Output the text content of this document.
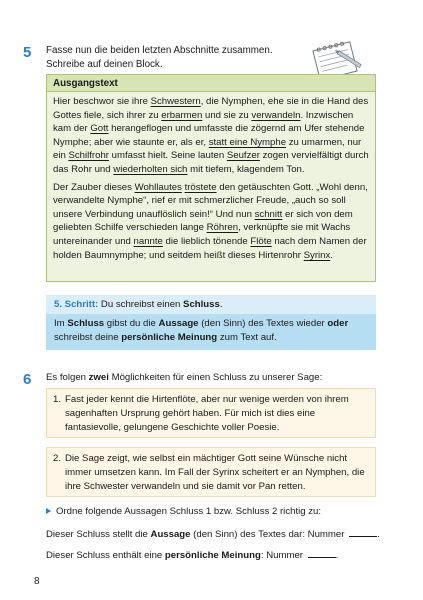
5 Fasse nun die beiden letzten Abschnitte zusammen.
Schreibe auf deinen Block.
Ausgangstext

Hier beschwor sie ihre Schwestern, die Nymphen, ehe sie in die Hand des Gottes fiele, sich ihrer zu erbarmen und sie zu verwandeln. Inzwischen kam der Gott herangeflogen und umfasste die zögernd am Ufer stehende Nymphe; aber wie staunte er, als er, statt eine Nymphe zu umarmen, nur ein Schilfrohr umfasst hielt. Seine lauten Seufzer zogen vervielfältigt durch das Rohr und wiederholten sich mit tiefem, klagendem Ton.

Der Zauber dieses Wohllautes tröstete den getäuschten Gott. „Wohl denn, verwandelte Nymphe“, rief er mit schmerzlicher Freude, „auch so soll unsere Verbindung unauflöslich sein!“ Und nun schnitt er sich von dem geliebten Schilfe verschieden lange Röhren, verknüpfte sie mit Wachs untereinander und nannte die lieblich tönende Flöte nach dem Namen der holden Baumnymphe; und seitdem heißt dieses Hirtenrohr Syrinx.

5. Schritt: Du schreibst einen Schluss.
Im Schluss gibst du die Aussage (den Sinn) des Textes wieder oder schreibst deine persönliche Meinung zum Text auf.
6 Es folgen zwei Möglichkeiten für einen Schluss zu unserer Sage:
1. Fast jeder kennt die Hirtenflöte, aber nur wenige werden von ihrem sagenhaften Ursprung gehört haben. Für mich ist dies eine fantasievolle, gelungene Geschichte voller Poesie.
2. Die Sage zeigt, wie selbst ein mächtiger Gott seine Wünsche nicht immer umsetzen kann. Im Fall der Syrinx scheitert er an Nymphen, die ihre Schwester verwandeln und sie damit vor Pan retten.
Ordne folgende Aussagen Schluss 1 bzw. Schluss 2 richtig zu:
Dieser Schluss stellt die Aussage (den Sinn) des Textes dar: Nummer	.
Dieser Schluss enthält eine persönliche Meinung: Nummer	.
8
